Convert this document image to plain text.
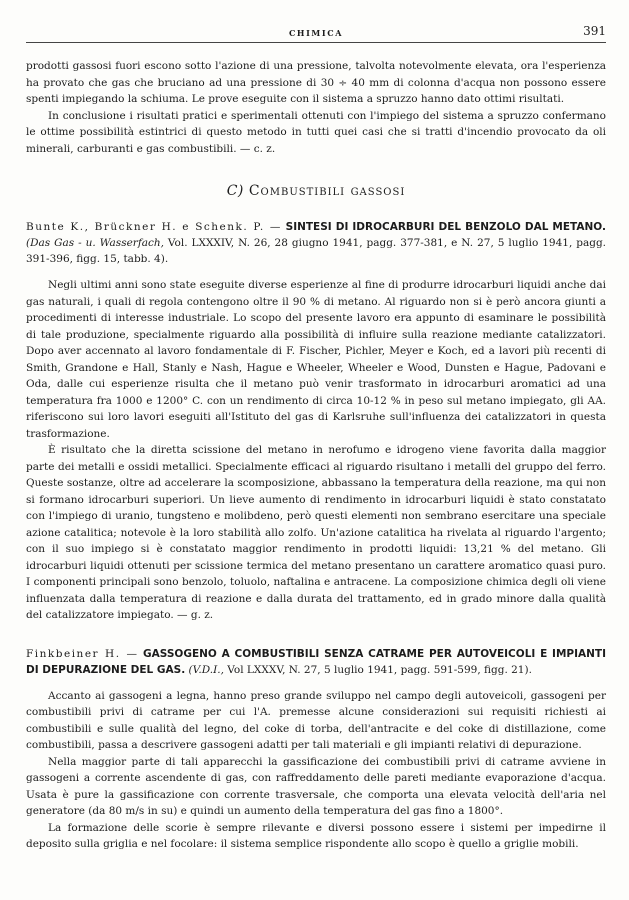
CHIMICA	391

prodotti gassosi fuori escono sotto l'azione di una pressione, talvolta notevolmente elevata, ora l'esperienza ha provato che gas che bruciano ad una pressione di 30 ÷ 40 mm di colonna d'acqua non possono essere spenti impiegando la schiuma. Le prove eseguite con il sistema a spruzzo hanno dato ottimi risultati.

In conclusione i risultati pratici e sperimentali ottenuti con l'impiego del sistema a spruzzo confermano le ottime possibilità estintrici di questo metodo in tutti quei casi che si tratti d'incendio provocato da oli minerali, carburanti e gas combustibili. — c. z.

C) Combustibili gassosi
Bunte K., Brückner H. e Schenk. P. — SINTESI DI IDROCARBURI DEL BENZOLO DAL METANO. (Das Gas - u. Wasserfach, Vol. LXXXIV, N. 26, 28 giugno 1941, pagg. 377-381, e N. 27, 5 luglio 1941, pagg. 391-396, figg. 15, tabb. 4).

Negli ultimi anni sono state eseguite diverse esperienze al fine di produrre idrocarburi liquidi anche dai gas naturali, i quali di regola contengono oltre il 90 % di metano. Al riguardo non si è però ancora giunti a procedimenti di interesse industriale. Lo scopo del presente lavoro era appunto di esaminare le possibilità di tale produzione, specialmente riguardo alla possibilità di influire sulla reazione mediante catalizzatori. Dopo aver accennato al lavoro fondamentale di F. Fischer, Pichler, Meyer e Koch, ed a lavori più recenti di Smith, Grandone e Hall, Stanly e Nash, Hague e Wheeler, Wheeler e Wood, Dunsten e Hague, Padovani e Oda, dalle cui esperienze risulta che il metano può venir trasformato in idrocarburi aromatici ad una temperatura fra 1000 e 1200° C. con un rendimento di circa 10-12 % in peso sul metano impiegato, gli AA. riferiscono sui loro lavori eseguiti all'Istituto del gas di Karlsruhe sull'influenza dei catalizzatori in questa trasformazione.

È risultato che la diretta scissione del metano in nerofumo e idrogeno viene favorita dalla maggior parte dei metalli e ossidi metallici. Specialmente efficaci al riguardo risultano i metalli del gruppo del ferro. Queste sostanze, oltre ad accelerare la scomposizione, abbassano la temperatura della reazione, ma qui non si formano idrocarburi superiori. Un lieve aumento di rendimento in idrocarburi liquidi è stato constatato con l'impiego di uranio, tungsteno e molibdeno, però questi elementi non sembrano esercitare una speciale azione catalitica; notevole è la loro stabilità allo zolfo. Un'azione catalitica ha rivelata al riguardo l'argento; con il suo impiego si è constatato maggior rendimento in prodotti liquidi: 13,21 % del metano. Gli idrocarburi liquidi ottenuti per scissione termica del metano presentano un carattere aromatico quasi puro. I componenti principali sono benzolo, toluolo, naftalina e antracene. La composizione chimica degli oli viene influenzata dalla temperatura di reazione e dalla durata del trattamento, ed in grado minore dalla qualità del catalizzatore impiegato. — g. z.

Finkbeiner H. — GASSOGENO A COMBUSTIBILI SENZA CATRAME PER AUTOVEICOLI E IMPIANTI DI DEPURAZIONE DEL GAS. (V.D.I., Vol LXXXV, N. 27, 5 luglio 1941, pagg. 591-599, figg. 21).

Accanto ai gassogeni a legna, hanno preso grande sviluppo nel campo degli autoveicoli, gassogeni per combustibili privi di catrame per cui l'A. premesse alcune considerazioni sui requisiti richiesti ai combustibili e sulle qualità del legno, del coke di torba, dell'antracite e del coke di distillazione, come combustibili, passa a descrivere gassogeni adatti per tali materiali e gli impianti relativi di depurazione.

Nella maggior parte di tali apparecchi la gassificazione dei combustibili privi di catrame avviene in gassogeni a corrente ascendente di gas, con raffreddamento delle pareti mediante evaporazione d'acqua. Usata è pure la gassificazione con corrente trasversale, che comporta una elevata velocità dell'aria nel generatore (da 80 m/s in su) e quindi un aumento della temperatura del gas fino a 1800°.

La formazione delle scorie è sempre rilevante e diversi possono essere i sistemi per impedirne il deposito sulla griglia e nel focolare: il sistema semplice rispondente allo scopo è quello a griglie mobili.
